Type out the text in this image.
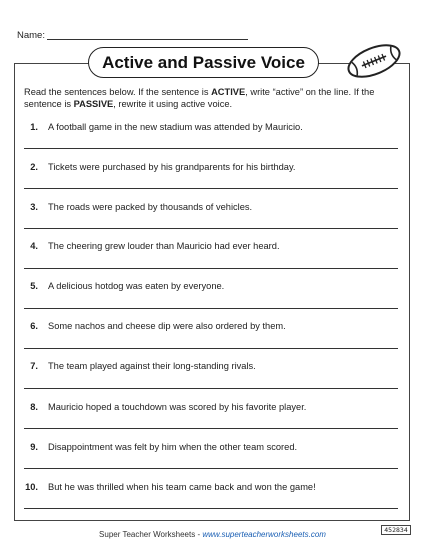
Name:
Active and Passive Voice
Read the sentences below. If the sentence is ACTIVE, write “active” on the line. If the sentence is PASSIVE, rewrite it using active voice.
1. A football game in the new stadium was attended by Mauricio.
2. Tickets were purchased by his grandparents for his birthday.
3. The roads were packed by thousands of vehicles.
4. The cheering grew louder than Mauricio had ever heard.
5. A delicious hotdog was eaten by everyone.
6. Some nachos and cheese dip were also ordered by them.
7. The team played against their long-standing rivals.
8. Mauricio hoped a touchdown was scored by his favorite player.
9. Disappointment was felt by him when the other team scored.
10. But he was thrilled when his team came back and won the game!
Super Teacher Worksheets - www.superteacherworksheets.com	452834
